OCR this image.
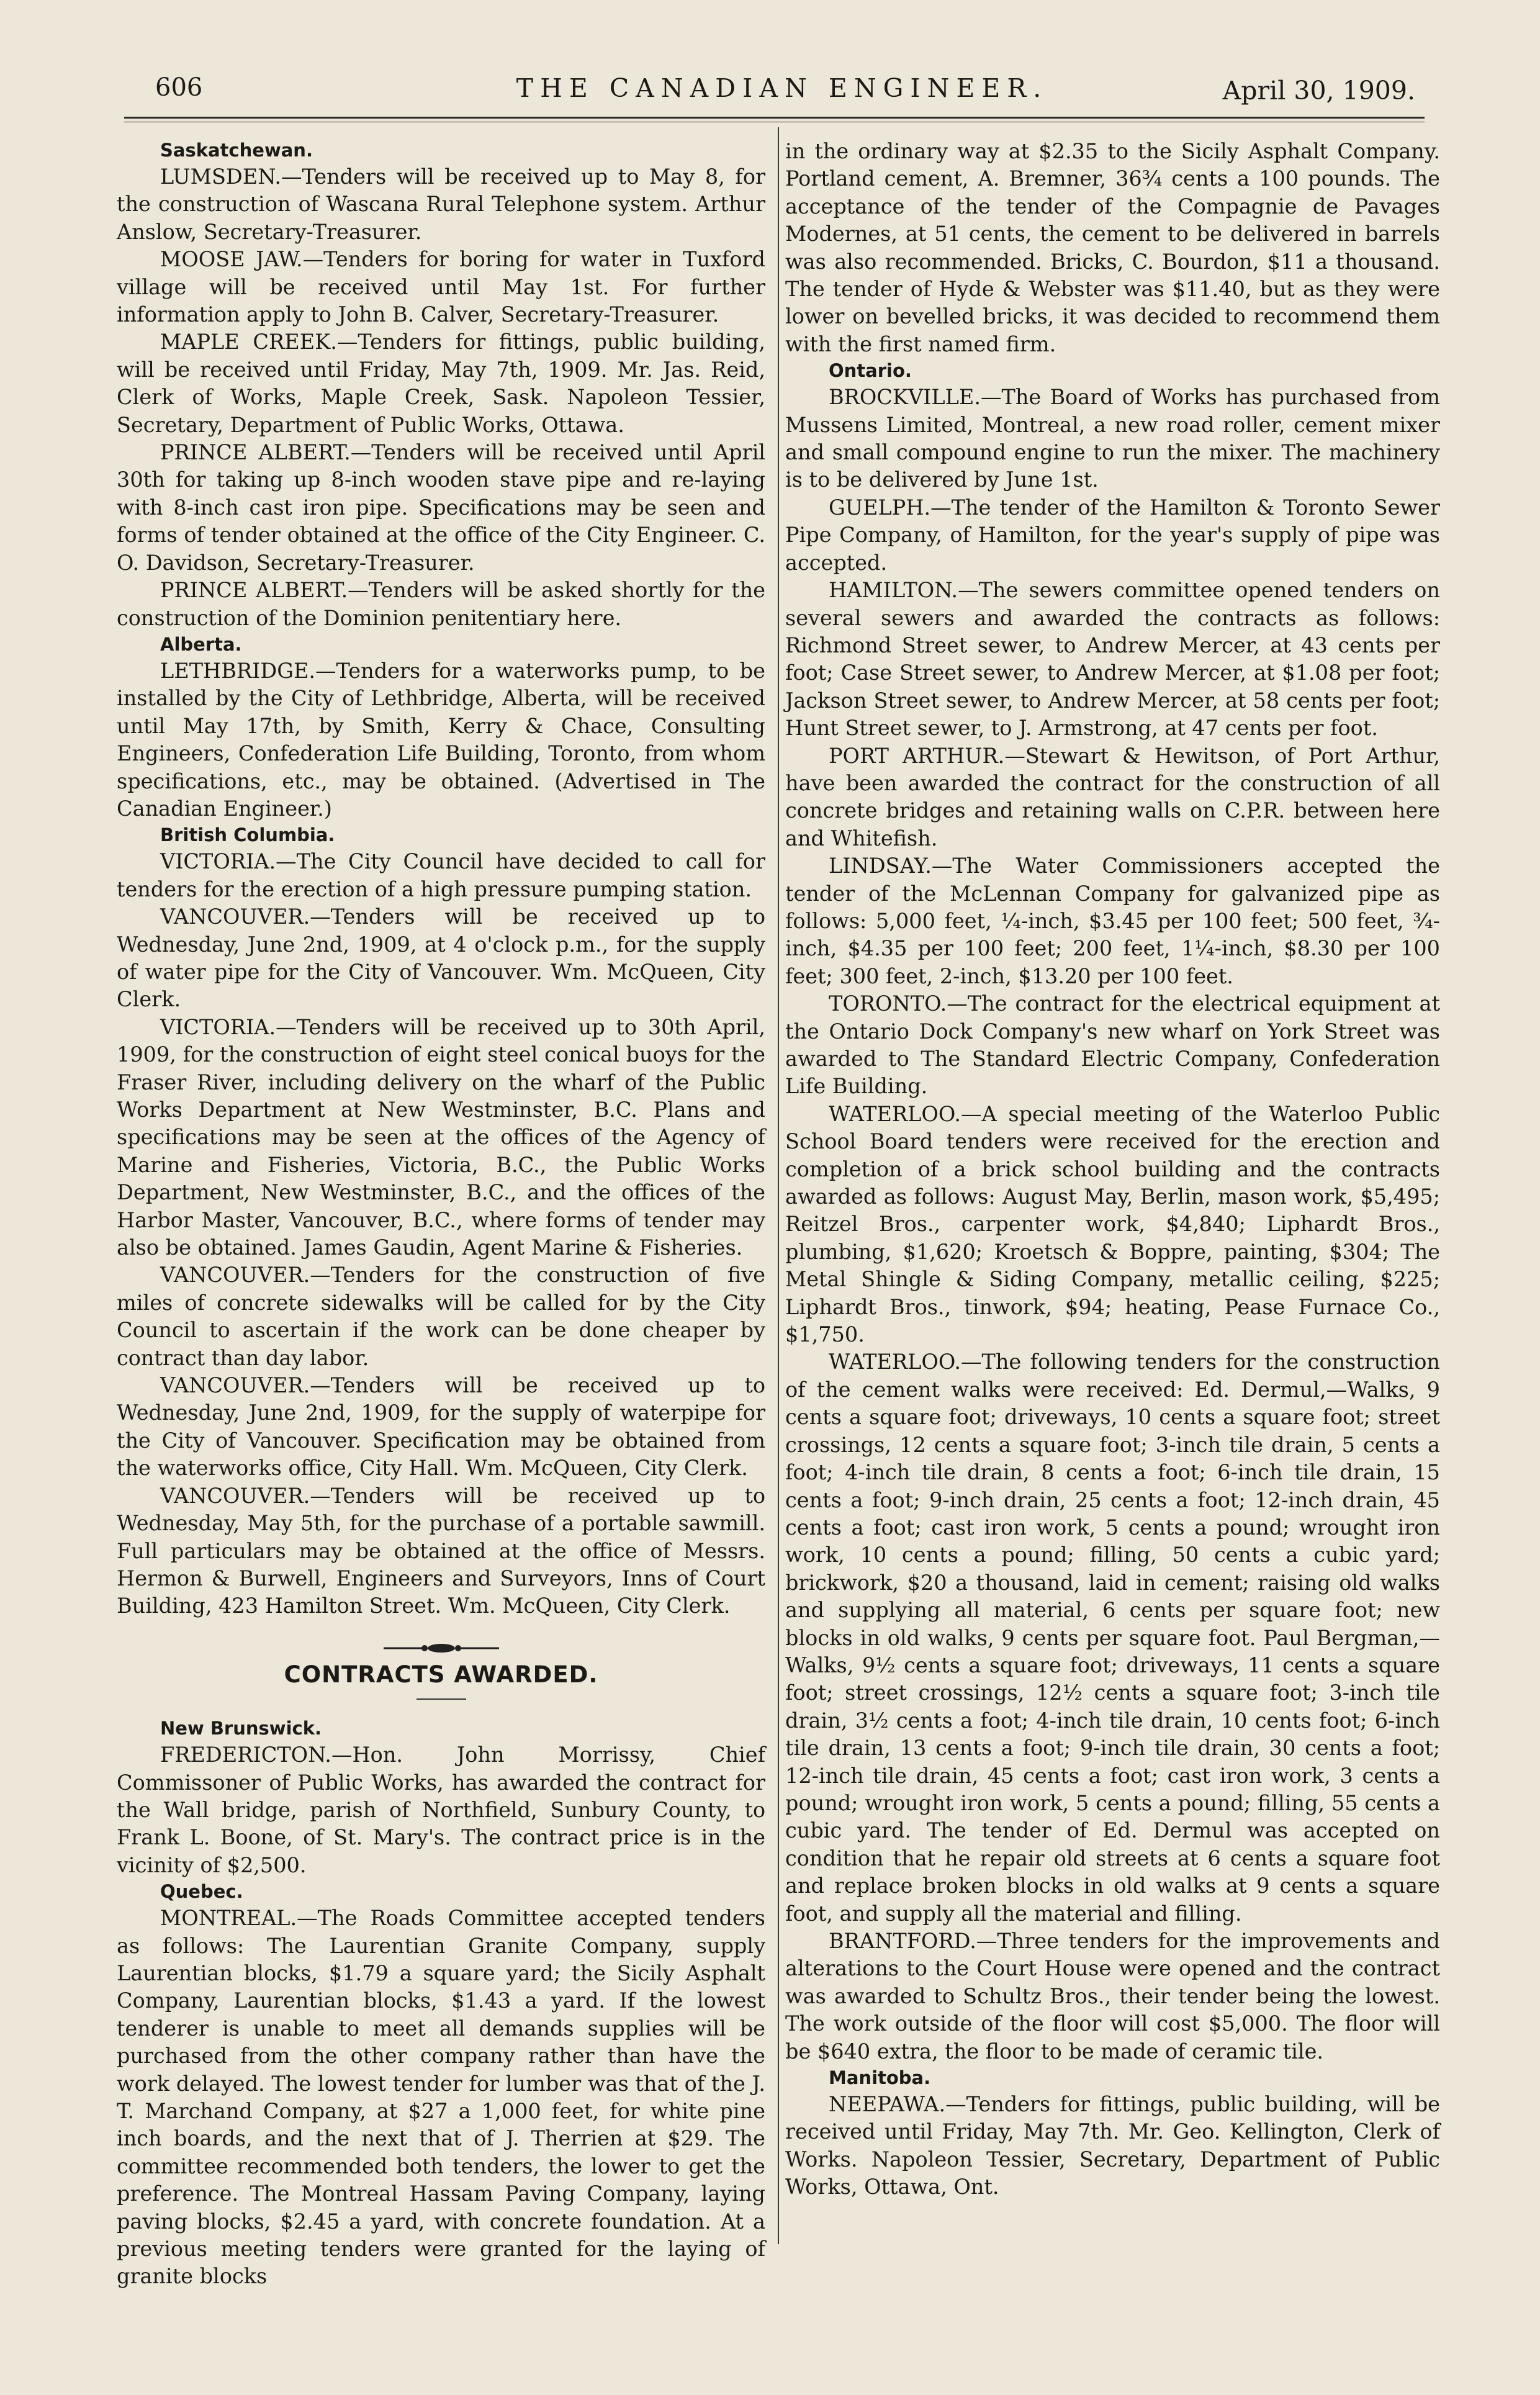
606	THE CANADIAN ENGINEER.	April 30, 1909.

Saskatchewan.

LUMSDEN.—Tenders will be received up to May 8, for the construction of Wascana Rural Telephone system. Arthur Anslow, Secretary-Treasurer.

MOOSE JAW.—Tenders for boring for water in Tuxford village will be received until May 1st. For further information apply to John B. Calver, Secretary-Treasurer.

MAPLE CREEK.—Tenders for fittings, public building, will be received until Friday, May 7th, 1909. Mr. Jas. Reid, Clerk of Works, Maple Creek, Sask. Napoleon Tessier, Secretary, Department of Public Works, Ottawa.

PRINCE ALBERT.—Tenders will be received until April 30th for taking up 8-inch wooden stave pipe and re-laying with 8-inch cast iron pipe. Specifications may be seen and forms of tender obtained at the office of the City Engineer. C. O. Davidson, Secretary-Treasurer.

PRINCE ALBERT.—Tenders will be asked shortly for the construction of the Dominion penitentiary here.

Alberta.

LETHBRIDGE.—Tenders for a waterworks pump, to be installed by the City of Lethbridge, Alberta, will be received until May 17th, by Smith, Kerry & Chace, Consulting Engineers, Confederation Life Building, Toronto, from whom specifications, etc., may be obtained. (Advertised in The Canadian Engineer.)

British Columbia.

VICTORIA.—The City Council have decided to call for tenders for the erection of a high pressure pumping station.

VANCOUVER.—Tenders will be received up to Wednesday, June 2nd, 1909, at 4 o'clock p.m., for the supply of water pipe for the City of Vancouver. Wm. McQueen, City Clerk.

VICTORIA.—Tenders will be received up to 30th April, 1909, for the construction of eight steel conical buoys for the Fraser River, including delivery on the wharf of the Public Works Department at New Westminster, B.C. Plans and specifications may be seen at the offices of the Agency of Marine and Fisheries, Victoria, B.C., the Public Works Department, New Westminster, B.C., and the offices of the Harbor Master, Vancouver, B.C., where forms of tender may also be obtained. James Gaudin, Agent Marine & Fisheries.

VANCOUVER.—Tenders for the construction of five miles of concrete sidewalks will be called for by the City Council to ascertain if the work can be done cheaper by contract than day labor.

VANCOUVER.—Tenders will be received up to Wednesday, June 2nd, 1909, for the supply of waterpipe for the City of Vancouver. Specification may be obtained from the waterworks office, City Hall. Wm. McQueen, City Clerk.

VANCOUVER.—Tenders will be received up to Wednesday, May 5th, for the purchase of a portable sawmill. Full particulars may be obtained at the office of Messrs. Hermon & Burwell, Engineers and Surveyors, Inns of Court Building, 423 Hamilton Street. Wm. McQueen, City Clerk.

CONTRACTS AWARDED.

New Brunswick.

FREDERICTON.—Hon. John Morrissy, Chief Commissoner of Public Works, has awarded the contract for the Wall bridge, parish of Northfield, Sunbury County, to Frank L. Boone, of St. Mary's. The contract price is in the vicinity of $2,500.

Quebec.

MONTREAL.—The Roads Committee accepted tenders as follows: The Laurentian Granite Company, supply Laurentian blocks, $1.79 a square yard; the Sicily Asphalt Company, Laurentian blocks, $1.43 a yard. If the lowest tenderer is unable to meet all demands supplies will be purchased from the other company rather than have the work delayed. The lowest tender for lumber was that of the J. T. Marchand Company, at $27 a 1,000 feet, for white pine inch boards, and the next that of J. Therrien at $29. The committee recommended both tenders, the lower to get the preference. The Montreal Hassam Paving Company, laying paving blocks, $2.45 a yard, with concrete foundation. At a previous meeting tenders were granted for the laying of granite blocks

in the ordinary way at $2.35 to the Sicily Asphalt Company. Portland cement, A. Bremner, 36¾ cents a 100 pounds. The acceptance of the tender of the Compagnie de Pavages Modernes, at 51 cents, the cement to be delivered in barrels was also recommended. Bricks, C. Bourdon, $11 a thousand. The tender of Hyde & Webster was $11.40, but as they were lower on bevelled bricks, it was decided to recommend them with the first named firm.

Ontario.

BROCKVILLE.—The Board of Works has purchased from Mussens Limited, Montreal, a new road roller, cement mixer and small compound engine to run the mixer. The machinery is to be delivered by June 1st.

GUELPH.—The tender of the Hamilton & Toronto Sewer Pipe Company, of Hamilton, for the year's supply of pipe was accepted.

HAMILTON.—The sewers committee opened tenders on several sewers and awarded the contracts as follows: Richmond Street sewer, to Andrew Mercer, at 43 cents per foot; Case Street sewer, to Andrew Mercer, at $1.08 per foot; Jackson Street sewer, to Andrew Mercer, at 58 cents per foot; Hunt Street sewer, to J. Armstrong, at 47 cents per foot.

PORT ARTHUR.—Stewart & Hewitson, of Port Arthur, have been awarded the contract for the construction of all concrete bridges and retaining walls on C.P.R. between here and Whitefish.

LINDSAY.—The Water Commissioners accepted the tender of the McLennan Company for galvanized pipe as follows: 5,000 feet, ¼-inch, $3.45 per 100 feet; 500 feet, ¾-inch, $4.35 per 100 feet; 200 feet, 1¼-inch, $8.30 per 100 feet; 300 feet, 2-inch, $13.20 per 100 feet.

TORONTO.—The contract for the electrical equipment at the Ontario Dock Company's new wharf on York Street was awarded to The Standard Electric Company, Confederation Life Building.

WATERLOO.—A special meeting of the Waterloo Public School Board tenders were received for the erection and completion of a brick school building and the contracts awarded as follows: August May, Berlin, mason work, $5,495; Reitzel Bros., carpenter work, $4,840; Liphardt Bros., plumbing, $1,620; Kroetsch & Boppre, painting, $304; The Metal Shingle & Siding Company, metallic ceiling, $225; Liphardt Bros., tinwork, $94; heating, Pease Furnace Co., $1,750.

WATERLOO.—The following tenders for the construction of the cement walks were received: Ed. Dermul,—Walks, 9 cents a square foot; driveways, 10 cents a square foot; street crossings, 12 cents a square foot; 3-inch tile drain, 5 cents a foot; 4-inch tile drain, 8 cents a foot; 6-inch tile drain, 15 cents a foot; 9-inch drain, 25 cents a foot; 12-inch drain, 45 cents a foot; cast iron work, 5 cents a pound; wrought iron work, 10 cents a pound; filling, 50 cents a cubic yard; brickwork, $20 a thousand, laid in cement; raising old walks and supplying all material, 6 cents per square foot; new blocks in old walks, 9 cents per square foot. Paul Bergman,—Walks, 9½ cents a square foot; driveways, 11 cents a square foot; street crossings, 12½ cents a square foot; 3-inch tile drain, 3½ cents a foot; 4-inch tile drain, 10 cents foot; 6-inch tile drain, 13 cents a foot; 9-inch tile drain, 30 cents a foot; 12-inch tile drain, 45 cents a foot; cast iron work, 3 cents a pound; wrought iron work, 5 cents a pound; filling, 55 cents a cubic yard. The tender of Ed. Dermul was accepted on condition that he repair old streets at 6 cents a square foot and replace broken blocks in old walks at 9 cents a square foot, and supply all the material and filling.

BRANTFORD.—Three tenders for the improvements and alterations to the Court House were opened and the contract was awarded to Schultz Bros., their tender being the lowest. The work outside of the floor will cost $5,000. The floor will be $640 extra, the floor to be made of ceramic tile.

Manitoba.

NEEPAWA.—Tenders for fittings, public building, will be received until Friday, May 7th. Mr. Geo. Kellington, Clerk of Works. Napoleon Tessier, Secretary, Department of Public Works, Ottawa, Ont.
